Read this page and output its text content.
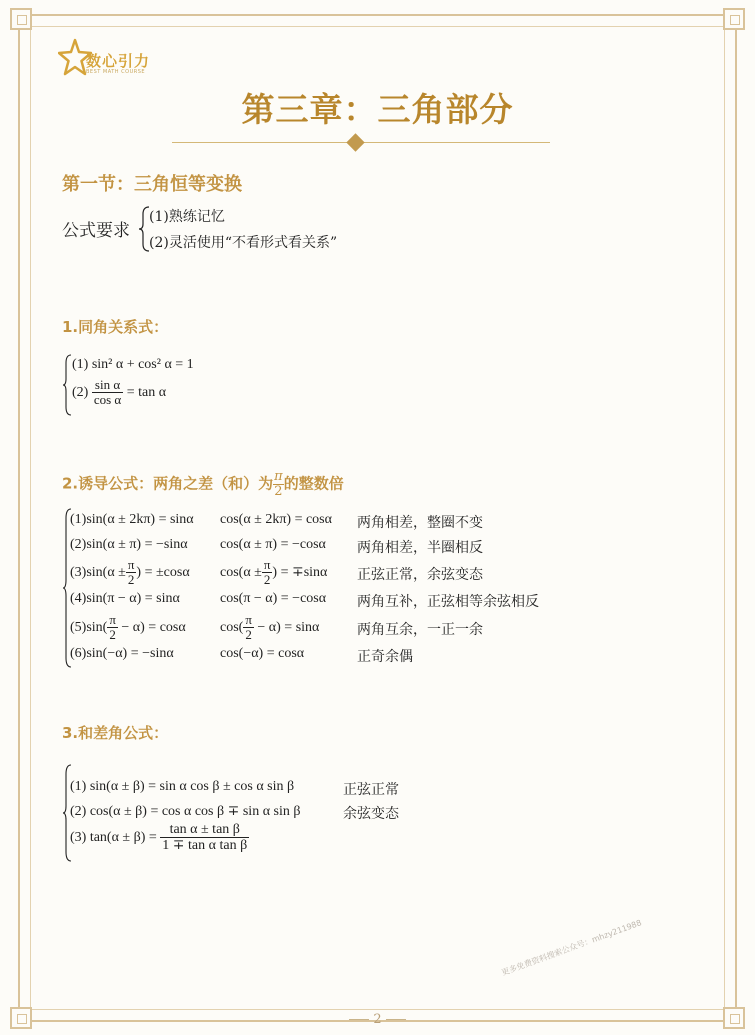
数心引力
BEST MATH COURSE
第三章：三角部分
第一节：三角恒等变换
公式要求
(1)熟练记忆
(2)灵活使用“不看形式看关系”
1.同角关系式：
(1) sin² α + cos² α = 1
$(2) \frac{\text{sin α}}{\text{cos α}} = \tan \alpha$
2.诱导公式：两角之差（和）为 $\frac{\pi}{2}$ 的整数倍
(1)sin(α ± 2kπ) = sinα cos(α ± 2kπ) = cosα 两角相差，整圈不变
(2)sin(α ± π) = −sinα cos(α ± π) = −cosα 两角相差，半圈相反
$(3)\sin(\alpha \pm \frac{\pi}{2}$ ) = ±cosα $\cos(\alpha \pm \frac{\pi}{2}$ ) = ∓sinα 正弦正常，余弦变态
(4)sin(π − α) = sinα	cos(π − α) = −cosα 两角互补，正弦相等余弦相反
$(5)\sin( \frac{\pi}{2} - \alpha) = \cos\alpha$ $\cos( \frac{\pi}{2} - \alpha) = \sin\alpha$	两角互余，一正一余
(6)sin(−α) = −sinα	cos(−α) = cosα	正奇余偶
3.和差角公式：
(1) sin(α ± β) = sin α cos β ± cos α sin β	正弦正常
(2) cos(α ± β) = cos α cos β ∓ sin α sin β	余弦变态
(3) $\tan(\alpha \pm \beta) = \frac{\text{tan α ± tan β}}{\text{1 ∓ tan α tan β}}$
更多免费资料搜索公众号：mhzy211988
2
